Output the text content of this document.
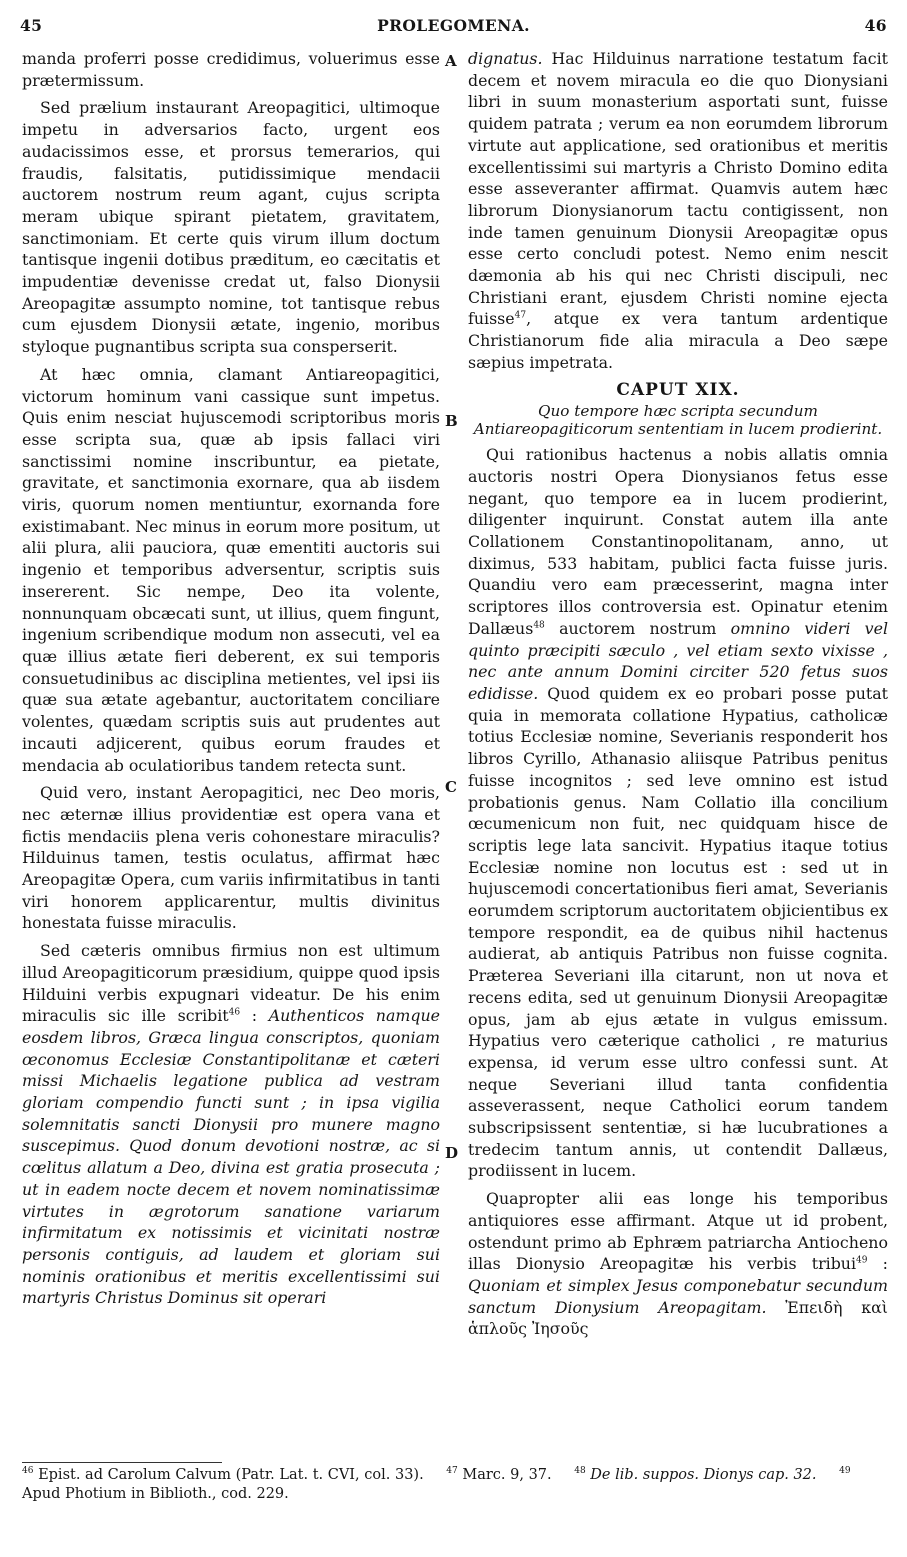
45	PROLEGOMENA.	46
A
B
C
D

manda proferri posse credidimus, voluerimus esse prætermissum.

Sed prælium instaurant Areopagitici, ultimoque impetu in adversarios facto, urgent eos audacissimos esse, et prorsus temerarios, qui fraudis, falsitatis, putidissimique mendacii auctorem nostrum reum agant, cujus scripta meram ubique spirant pietatem, gravitatem, sanctimoniam. Et certe quis virum illum doctum tantisque ingenii dotibus præditum, eo cæcitatis et impudentiæ devenisse credat ut, falso Dionysii Areopagitæ assumpto nomine, tot tantisque rebus cum ejusdem Dionysii ætate, ingenio, moribus styloque pugnantibus scripta sua consperserit.

At hæc omnia, clamant Antiareopagitici, victorum hominum vani cassique sunt impetus. Quis enim nesciat hujuscemodi scriptoribus moris esse scripta sua, quæ ab ipsis fallaci viri sanctissimi nomine inscribuntur, ea pietate, gravitate, et sanctimonia exornare, qua ab iisdem viris, quorum nomen mentiuntur, exornanda fore existimabant. Nec minus in eorum more positum, ut alii plura, alii pauciora, quæ ementiti auctoris sui ingenio et temporibus adversentur, scriptis suis insererent. Sic nempe, Deo ita volente, nonnunquam obcæcati sunt, ut illius, quem fingunt, ingenium scribendique modum non assecuti, vel ea quæ illius ætate fieri deberent, ex sui temporis consuetudinibus ac disciplina metientes, vel ipsi iis quæ sua ætate agebantur, auctoritatem conciliare volentes, quædam scriptis suis aut prudentes aut incauti adjicerent, quibus eorum fraudes et mendacia ab oculatioribus tandem retecta sunt.

Quid vero, instant Aeropagitici, nec Deo moris, nec æternæ illius providentiæ est opera vana et fictis mendaciis plena veris cohonestare miraculis? Hilduinus tamen, testis oculatus, affirmat hæc Areopagitæ Opera, cum variis infirmitatibus in tanti viri honorem applicarentur, multis divinitus honestata fuisse miraculis.

Sed cæteris omnibus firmius non est ultimum illud Areopagiticorum præsidium, quippe quod ipsis Hilduini verbis expugnari videatur. De his enim miraculis sic ille scribit$^{46}$ : Authenticos namque eosdem libros, Græca lingua conscriptos, quoniam œconomus Ecclesiæ Constantipolitanæ et cæteri missi Michaelis legatione publica ad vestram gloriam compendio functi sunt ; in ipsa vigilia solemnitatis sancti Dionysii pro munere magno suscepimus. Quod donum devotioni nostræ, ac si cœlitus allatum a Deo, divina est gratia prosecuta ; ut in eadem nocte decem et novem nominatissimæ virtutes in ægrotorum sanatione variarum infirmitatum ex notissimis et vicinitati nostræ personis contiguis, ad laudem et gloriam sui nominis orationibus et meritis excellentissimi sui martyris Christus Dominus sit operari

dignatus. Hac Hilduinus narratione testatum facit decem et novem miracula eo die quo Dionysiani libri in suum monasterium asportati sunt, fuisse quidem patrata ; verum ea non eorumdem librorum virtute aut applicatione, sed orationibus et meritis excellentissimi sui martyris a Christo Domino edita esse asseveranter affirmat. Quamvis autem hæc librorum Dionysianorum tactu contigissent, non inde tamen genuinum Dionysii Areopagitæ opus esse certo concludi potest. Nemo enim nescit dæmonia ab his qui nec Christi discipuli, nec Christiani erant, ejusdem Christi nomine ejecta fuisse$^{47}$, atque ex vera tantum ardentique Christianorum fide alia miracula a Deo sæpe sæpius impetrata.

CAPUT XIX.
Quo tempore hæc scripta secundum Antiareopagiticorum sententiam in lucem prodierint.

Qui rationibus hactenus a nobis allatis omnia auctoris nostri Opera Dionysianos fetus esse negant, quo tempore ea in lucem prodierint, diligenter inquirunt. Constat autem illa ante Collationem Constantinopolitanam, anno, ut diximus, 533 habitam, publici facta fuisse juris. Quandiu vero eam præcesserint, magna inter scriptores illos controversia est. Opinatur etenim Dallæus$^{48}$ auctorem nostrum omnino videri vel quinto præcipiti sæculo , vel etiam sexto vixisse , nec ante annum Domini circiter 520 fetus suos edidisse. Quod quidem ex eo probari posse putat quia in memorata collatione Hypatius, catholicæ totius Ecclesiæ nomine, Severianis responderit hos libros Cyrillo, Athanasio aliisque Patribus penitus fuisse incognitos ; sed leve omnino est istud probationis genus. Nam Collatio illa concilium œcumenicum non fuit, nec quidquam hisce de scriptis lege lata sancivit. Hypatius itaque totius Ecclesiæ nomine non locutus est : sed ut in hujuscemodi concertationibus fieri amat, Severianis eorumdem scriptorum auctoritatem objicientibus ex tempore respondit, ea de quibus nihil hactenus audierat, ab antiquis Patribus non fuisse cognita. Præterea Severiani illa citarunt, non ut nova et recens edita, sed ut genuinum Dionysii Areopagitæ opus, jam ab ejus ætate in vulgus emissum. Hypatius vero cæterique catholici , re maturius expensa, id verum esse ultro confessi sunt. At neque Severiani illud tanta confidentia asseverassent, neque Catholici eorum tandem subscripsissent sententiæ, si hæ lucubrationes a tredecim tantum annis, ut contendit Dallæus, prodiissent in lucem.

Quapropter alii eas longe his temporibus antiquiores esse affirmant. Atque ut id probent, ostendunt primo ab Ephræm patriarcha Antiocheno illas Dionysio Areopagitæ his verbis tribui$^{49}$ : Quoniam et simplex Jesus componebatur secundum sanctum Dionysium Areopagitam. Ἐπειδὴ καὶ ἁπλοῦς Ἰησοῦς

$^{46}$ Epist. ad Carolum Calvum (Patr. Lat. t. CVI, col. 33).	$^{47}$ Marc. 9, 37.	$^{48}$ De lib. suppos. Dionys cap. 32.	$^{49}$ Apud Photium in Biblioth., cod. 229.
